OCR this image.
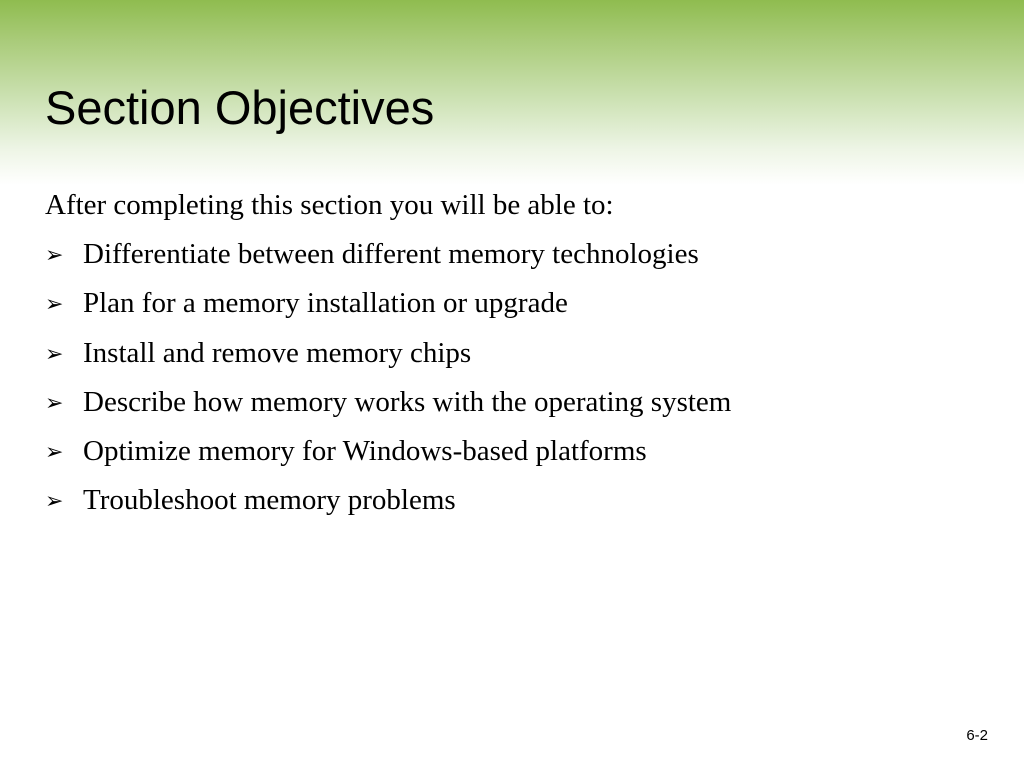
Section Objectives

After completing this section you will be able to:

➢ Differentiate between different memory technologies
➢ Plan for a memory installation or upgrade
➢ Install and remove memory chips
➢ Describe how memory works with the operating system
➢ Optimize memory for Windows-based platforms
➢ Troubleshoot memory problems
6-2
